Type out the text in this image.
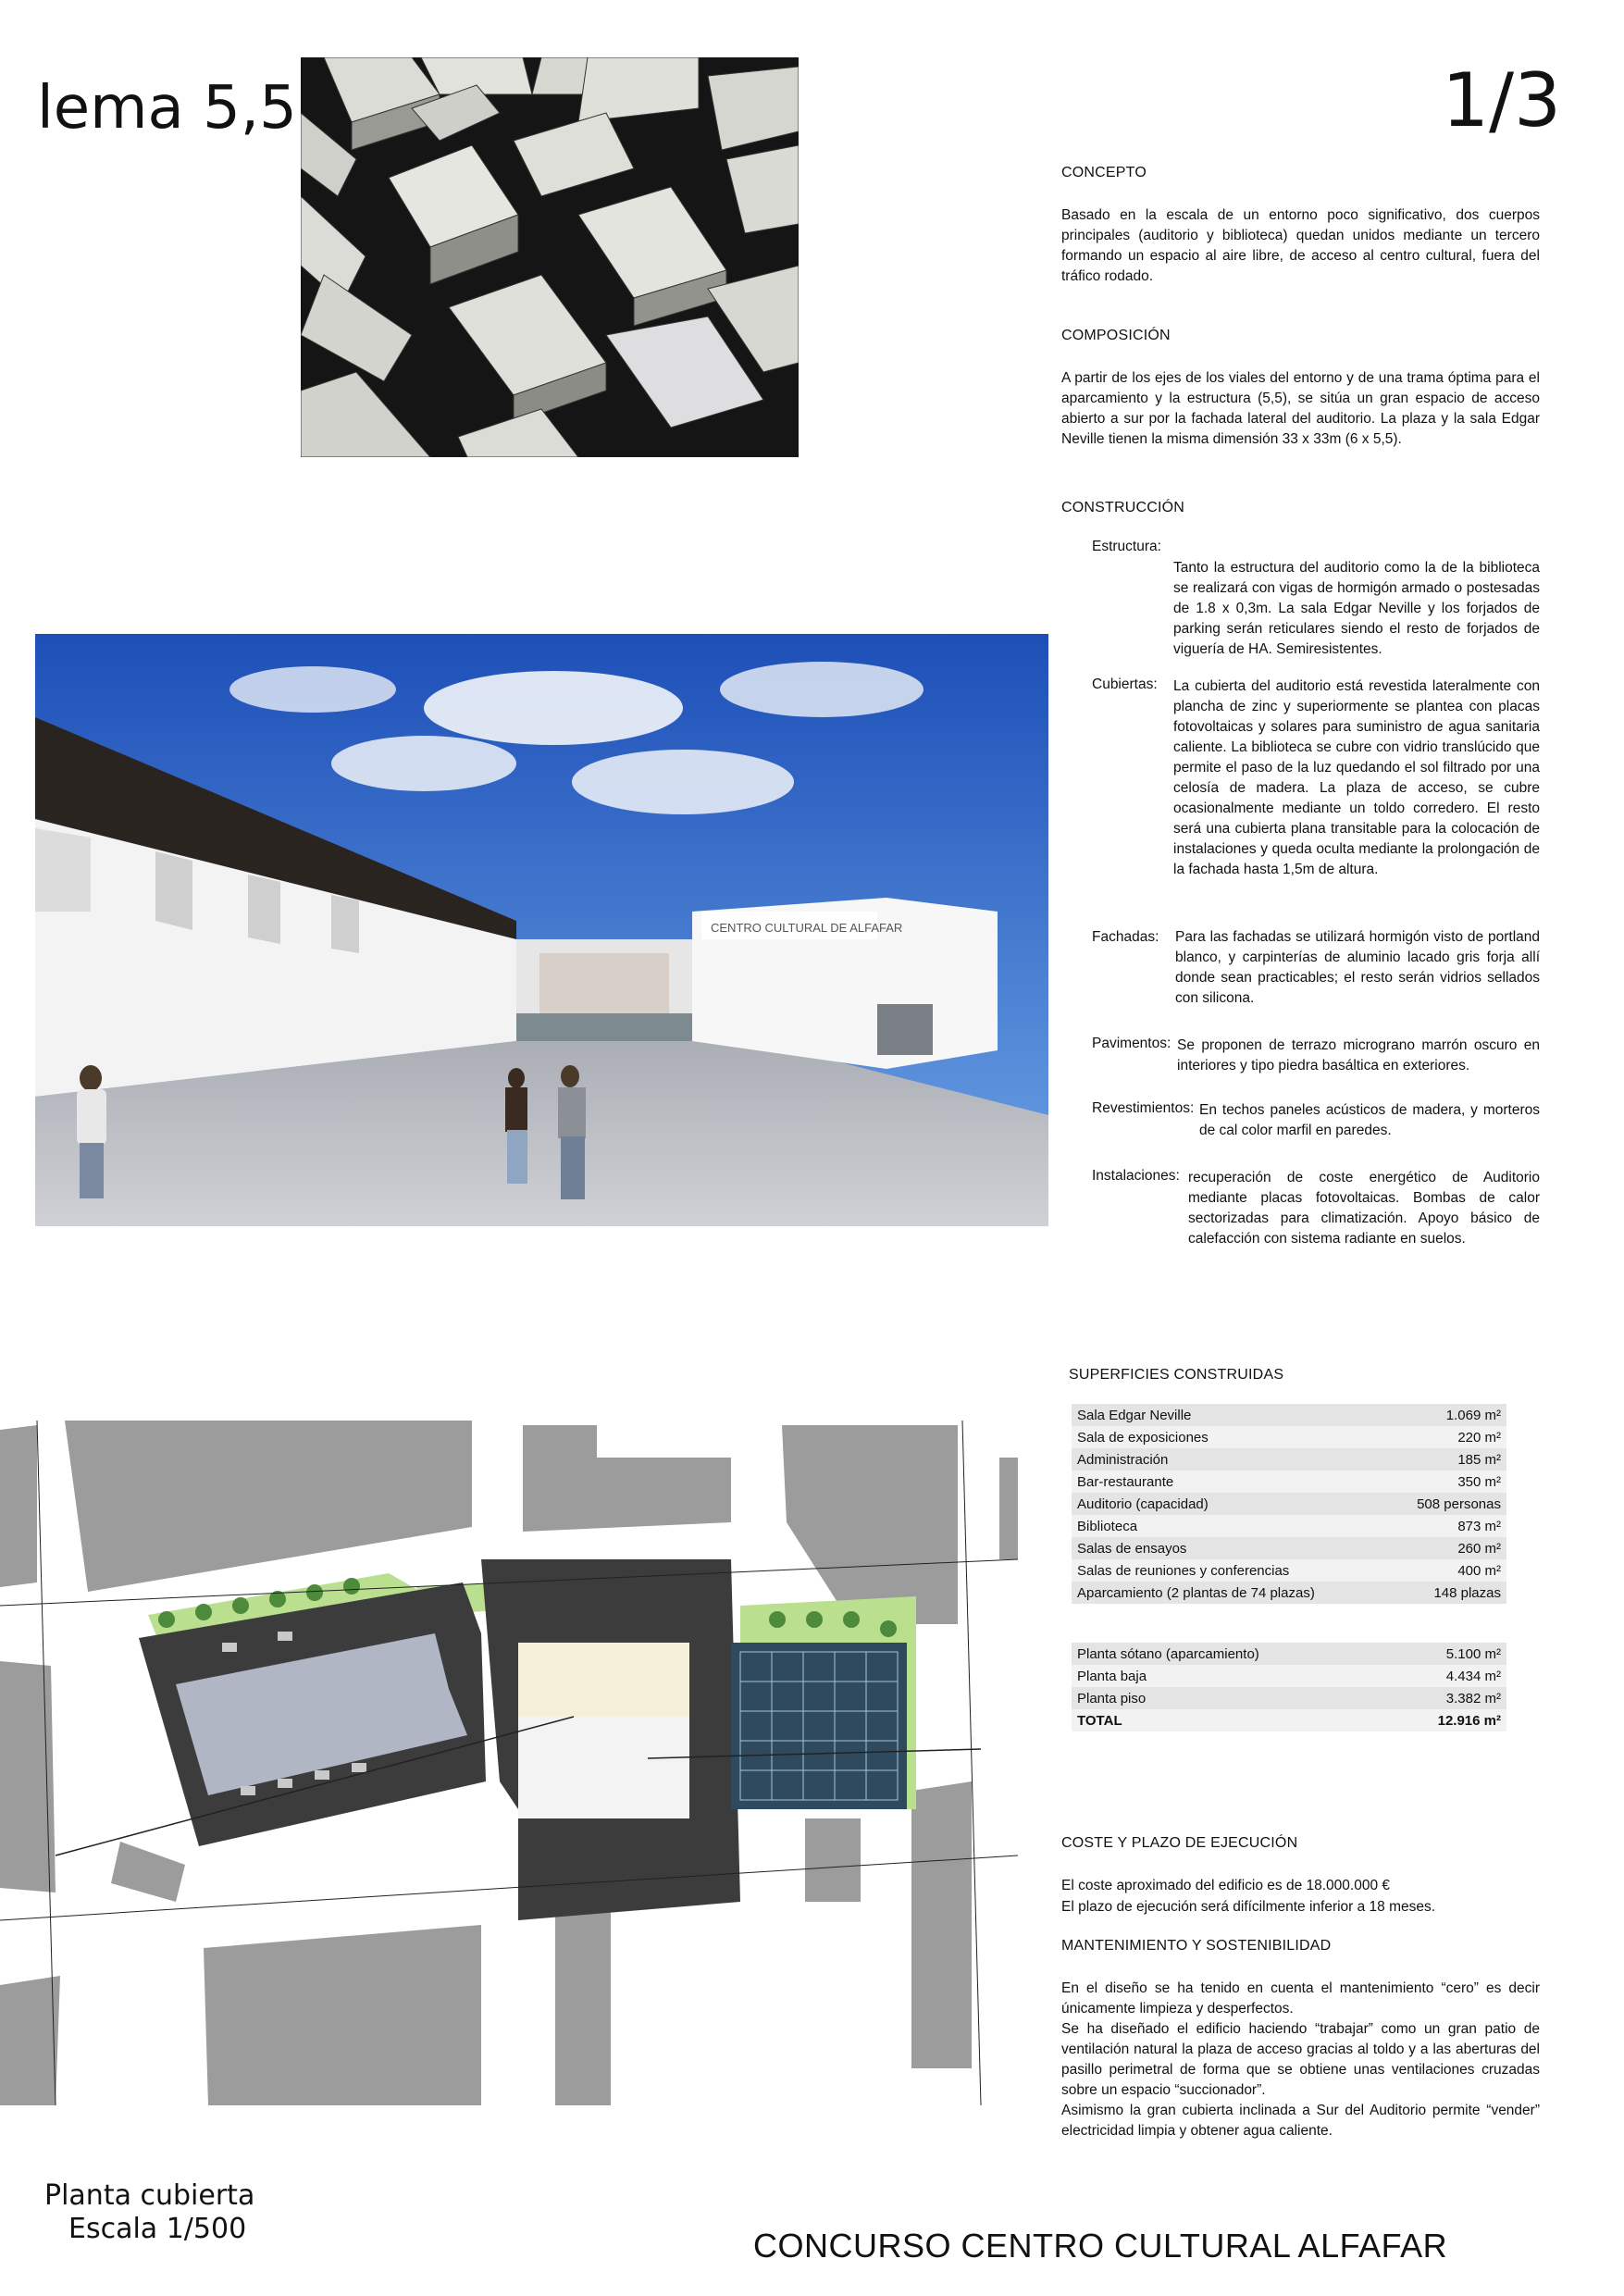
lema 5,5	1/3
CONCEPTO
Basado en la escala de un entorno poco significativo, dos cuerpos principales (auditorio y biblioteca) quedan unidos mediante un tercero formando un espacio al aire libre, de acceso al centro cultural, fuera del tráfico rodado.
COMPOSICIÓN
A partir de los ejes de los viales del entorno y de una trama óptima para el aparcamiento y la estructura (5,5), se sitúa un gran espacio de acceso abierto a sur por la fachada lateral del auditorio. La plaza y la sala Edgar Neville tienen la misma dimensión 33 x 33m (6 x 5,5).
CONSTRUCCIÓN
Estructura:
Tanto la estructura del auditorio como la de la biblioteca se realizará con vigas de hormigón armado o postesadas de 1.8 x 0,3m. La sala Edgar Neville y los forjados de parking serán reticulares siendo el resto de forjados de viguería de HA. Semiresistentes.
Cubiertas: La cubierta del auditorio está revestida lateralmente con plancha de zinc y superiormente se plantea con placas fotovoltaicas y solares para suministro de agua sanitaria caliente. La biblioteca se cubre con vidrio translúcido que permite el paso de la luz quedando el sol filtrado por una celosía de madera. La plaza de acceso, se cubre ocasionalmente mediante un toldo corredero. El resto será una cubierta plana transitable para la colocación de instalaciones y queda oculta mediante la prolongación de la fachada hasta 1,5m de altura.
Fachadas:	Para las fachadas se utilizará hormigón visto de portland blanco, y carpinterías de aluminio lacado gris forja allí donde sean practicables; el resto serán vidrios sellados con silicona.
Pavimentos: Se proponen de terrazo micrograno marrón oscuro en interiores y tipo piedra basáltica en exteriores.
Revestimientos: En techos paneles acústicos de madera, y morteros de cal color marfil en paredes.
Instalaciones: recuperación de coste energético de Auditorio mediante placas fotovoltaicas. Bombas de calor sectorizadas para climatización. Apoyo básico de calefacción con sistema radiante en suelos.
CENTRO CULTURAL DE ALFAFAR
Planta cubierta
Escala 1/500
SUPERFICIES CONSTRUIDAS
Sala Edgar Neville	1.069 m²
Sala de exposiciones	220 m²
Administración	185 m²
Bar-restaurante	350 m²
Auditorio (capacidad)	508 personas
Biblioteca	873 m²
Salas de ensayos	260 m²
Salas de reuniones y conferencias	400 m²
Aparcamiento (2 plantas de 74 plazas)	148 plazas
Planta sótano (aparcamiento)	5.100 m²
Planta baja	4.434 m²
Planta piso	3.382 m²
TOTAL	12.916 m²
COSTE Y PLAZO DE EJECUCIÓN
El coste aproximado del edificio es de 18.000.000 €
El plazo de ejecución será difícilmente inferior a 18 meses.
MANTENIMIENTO Y SOSTENIBILIDAD
En el diseño se ha tenido en cuenta el mantenimiento “cero” es decir únicamente limpieza y desperfectos.
Se ha diseñado el edificio haciendo “trabajar” como un gran patio de ventilación natural la plaza de acceso gracias al toldo y a las aberturas del pasillo perimetral de forma que se obtiene unas ventilaciones cruzadas sobre un espacio “succionador”.
Asimismo la gran cubierta inclinada a Sur del Auditorio permite “vender” electricidad limpia y obtener agua caliente.
CONCURSO CENTRO CULTURAL ALFAFAR
